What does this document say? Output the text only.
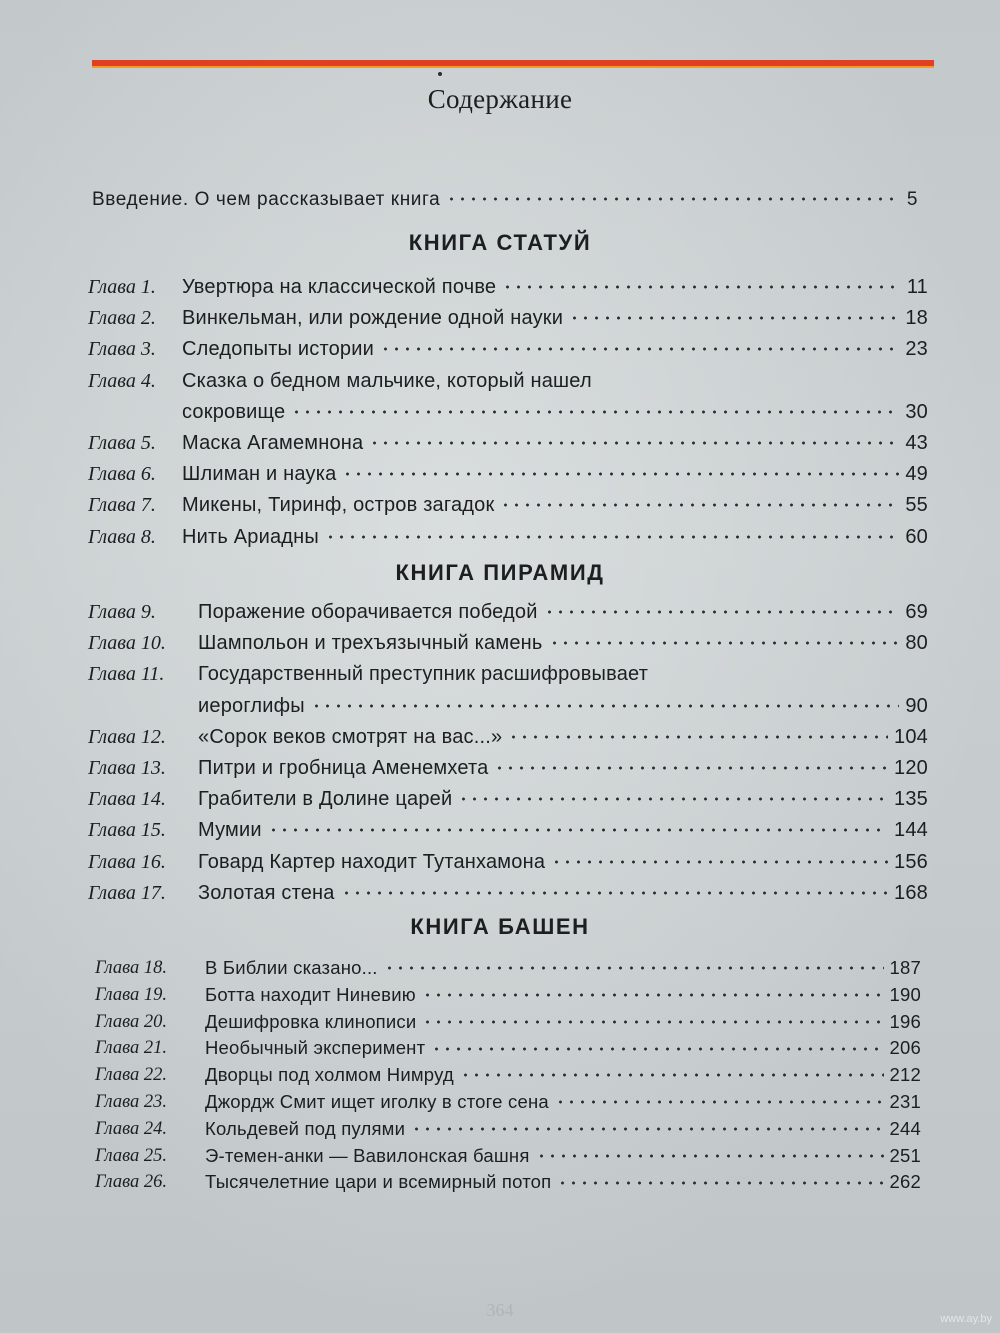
Содержание
Введение. О чем рассказывает книга	5
КНИГА СТАТУЙ
Глава 1.	Увертюра на классической почве	11
Глава 2.	Винкельман, или рождение одной науки	18
Глава 3.	Следопыты истории	23
Глава 4.	Сказка о бедном мальчике, который нашел
сокровище	30
Глава 5.	Маска Агамемнона	43
Глава 6.	Шлиман и наука	49
Глава 7.	Микены, Тиринф, остров загадок	55
Глава 8.	Нить Ариадны	60
КНИГА ПИРАМИД
Глава 9.	Поражение оборачивается победой	69
Глава 10.	Шампольон и трехъязычный камень	80
Глава 11.	Государственный преступник расшифровывает
иероглифы	90
Глава 12.	«Сорок веков смотрят на вас...»	104
Глава 13.	Питри и гробница Аменемхета	120
Глава 14.	Грабители в Долине царей	135
Глава 15.	Мумии	144
Глава 16.	Говард Картер находит Тутанхамона	156
Глава 17.	Золотая стена	168
КНИГА БАШЕН
Глава 18.	В Библии сказано...	187
Глава 19.	Ботта находит Ниневию	190
Глава 20.	Дешифровка клинописи	196
Глава 21.	Необычный эксперимент	206
Глава 22.	Дворцы под холмом Нимруд	212
Глава 23.	Джордж Смит ищет иголку в стоге сена	231
Глава 24.	Кольдевей под пулями	244
Глава 25.	Э-темен-анки — Вавилонская башня	251
Глава 26.	Тысячелетние цари и всемирный потоп	262
364	www.ay.by
